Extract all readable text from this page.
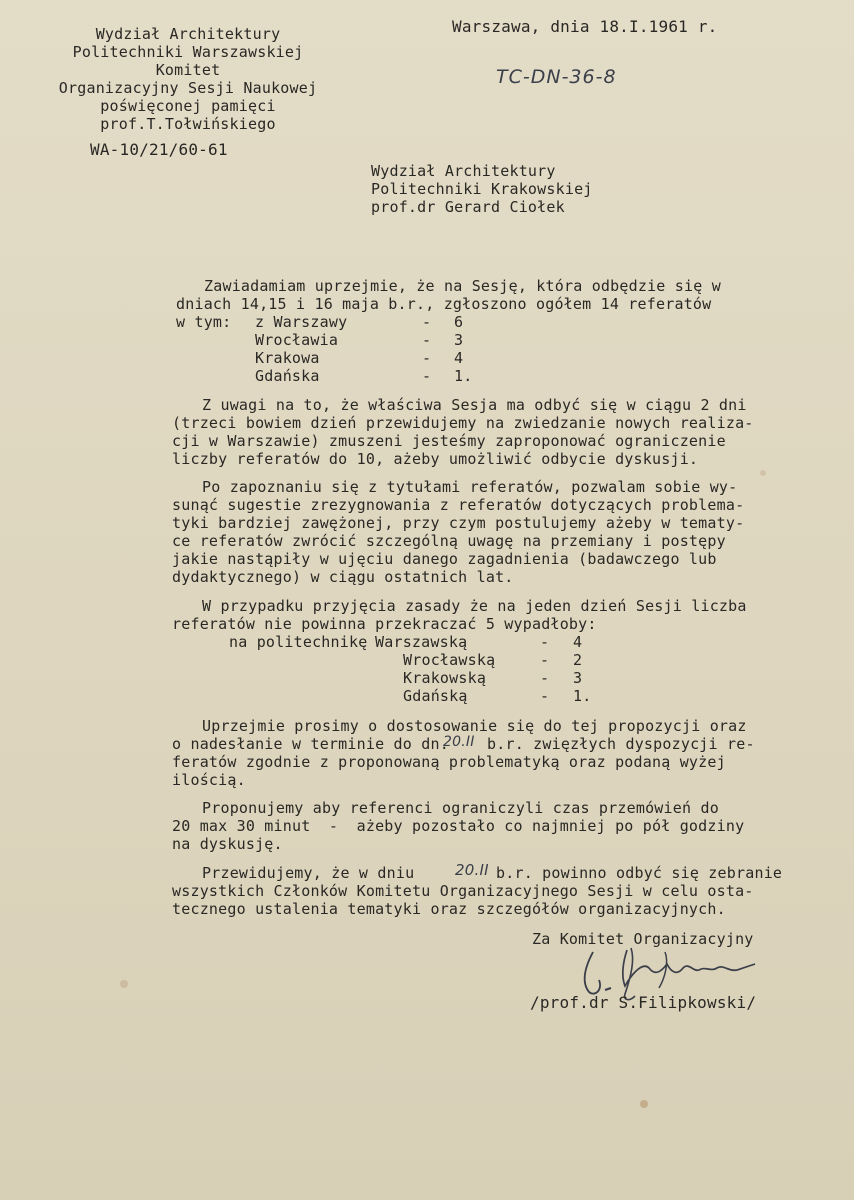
Wydział Architektury
Politechniki Warszawskiej
Komitet
Organizacyjny Sesji Naukowej
poświęconej pamięci
prof.T.Tołwińskiego
WA-10/21/60-61
Warszawa, dnia 18.I.1961 r.
TC-DN-36-8
Wydział Architektury
Politechniki Krakowskiej
prof.dr Gerard Ciołek
Zawiadamiam uprzejmie, że na Sesję, która odbędzie się w
dniach 14,15 i 16 maja b.r., zgłoszono ogółem 14 referatów
w tym: z Warszawy	- 6
Wrocławia	- 3
Krakowa	- 4
Gdańska	- 1.
Z uwagi na to, że właściwa Sesja ma odbyć się w ciągu 2 dni
(trzeci bowiem dzień przewidujemy na zwiedzanie nowych realiza-
cji w Warszawie) zmuszeni jesteśmy zaproponować ograniczenie
liczby referatów do 10, ażeby umożliwić odbycie dyskusji.
Po zapoznaniu się z tytułami referatów, pozwalam sobie wy-
sunąć sugestie zrezygnowania z referatów dotyczących problema-
tyki bardziej zawężonej, przy czym postulujemy ażeby w tematy-
ce referatów zwrócić szczególną uwagę na przemiany i postępy
jakie nastąpiły w ujęciu danego zagadnienia (badawczego lub
dydaktycznego) w ciągu ostatnich lat.
W przypadku przyjęcia zasady że na jeden dzień Sesji liczba
referatów nie powinna przekraczać 5 wypadłoby:
na politechnikę Warszawską	- 4
Wrocławską	- 2
Krakowską	- 3
Gdańską	- 1.
Uprzejmie prosimy o dostosowanie się do tej propozycji oraz
o nadesłanie w terminie do dn.
20.II b.r. zwięzłych dyspozycji re-
feratów zgodnie z proponowaną problematyką oraz podaną wyżej
ilością.
Proponujemy aby referenci ograniczyli czas przemówień do
20 max 30 minut  -  ażeby pozostało co najmniej po pół godziny
na dyskusję.
Przewidujemy, że w dniu	20.II b.r. powinno odbyć się zebranie
wszystkich Członków Komitetu Organizacyjnego Sesji w celu osta-
tecznego ustalenia tematyki oraz szczegółów organizacyjnych.
Za Komitet Organizacyjny
/prof.dr S.Filipkowski/
